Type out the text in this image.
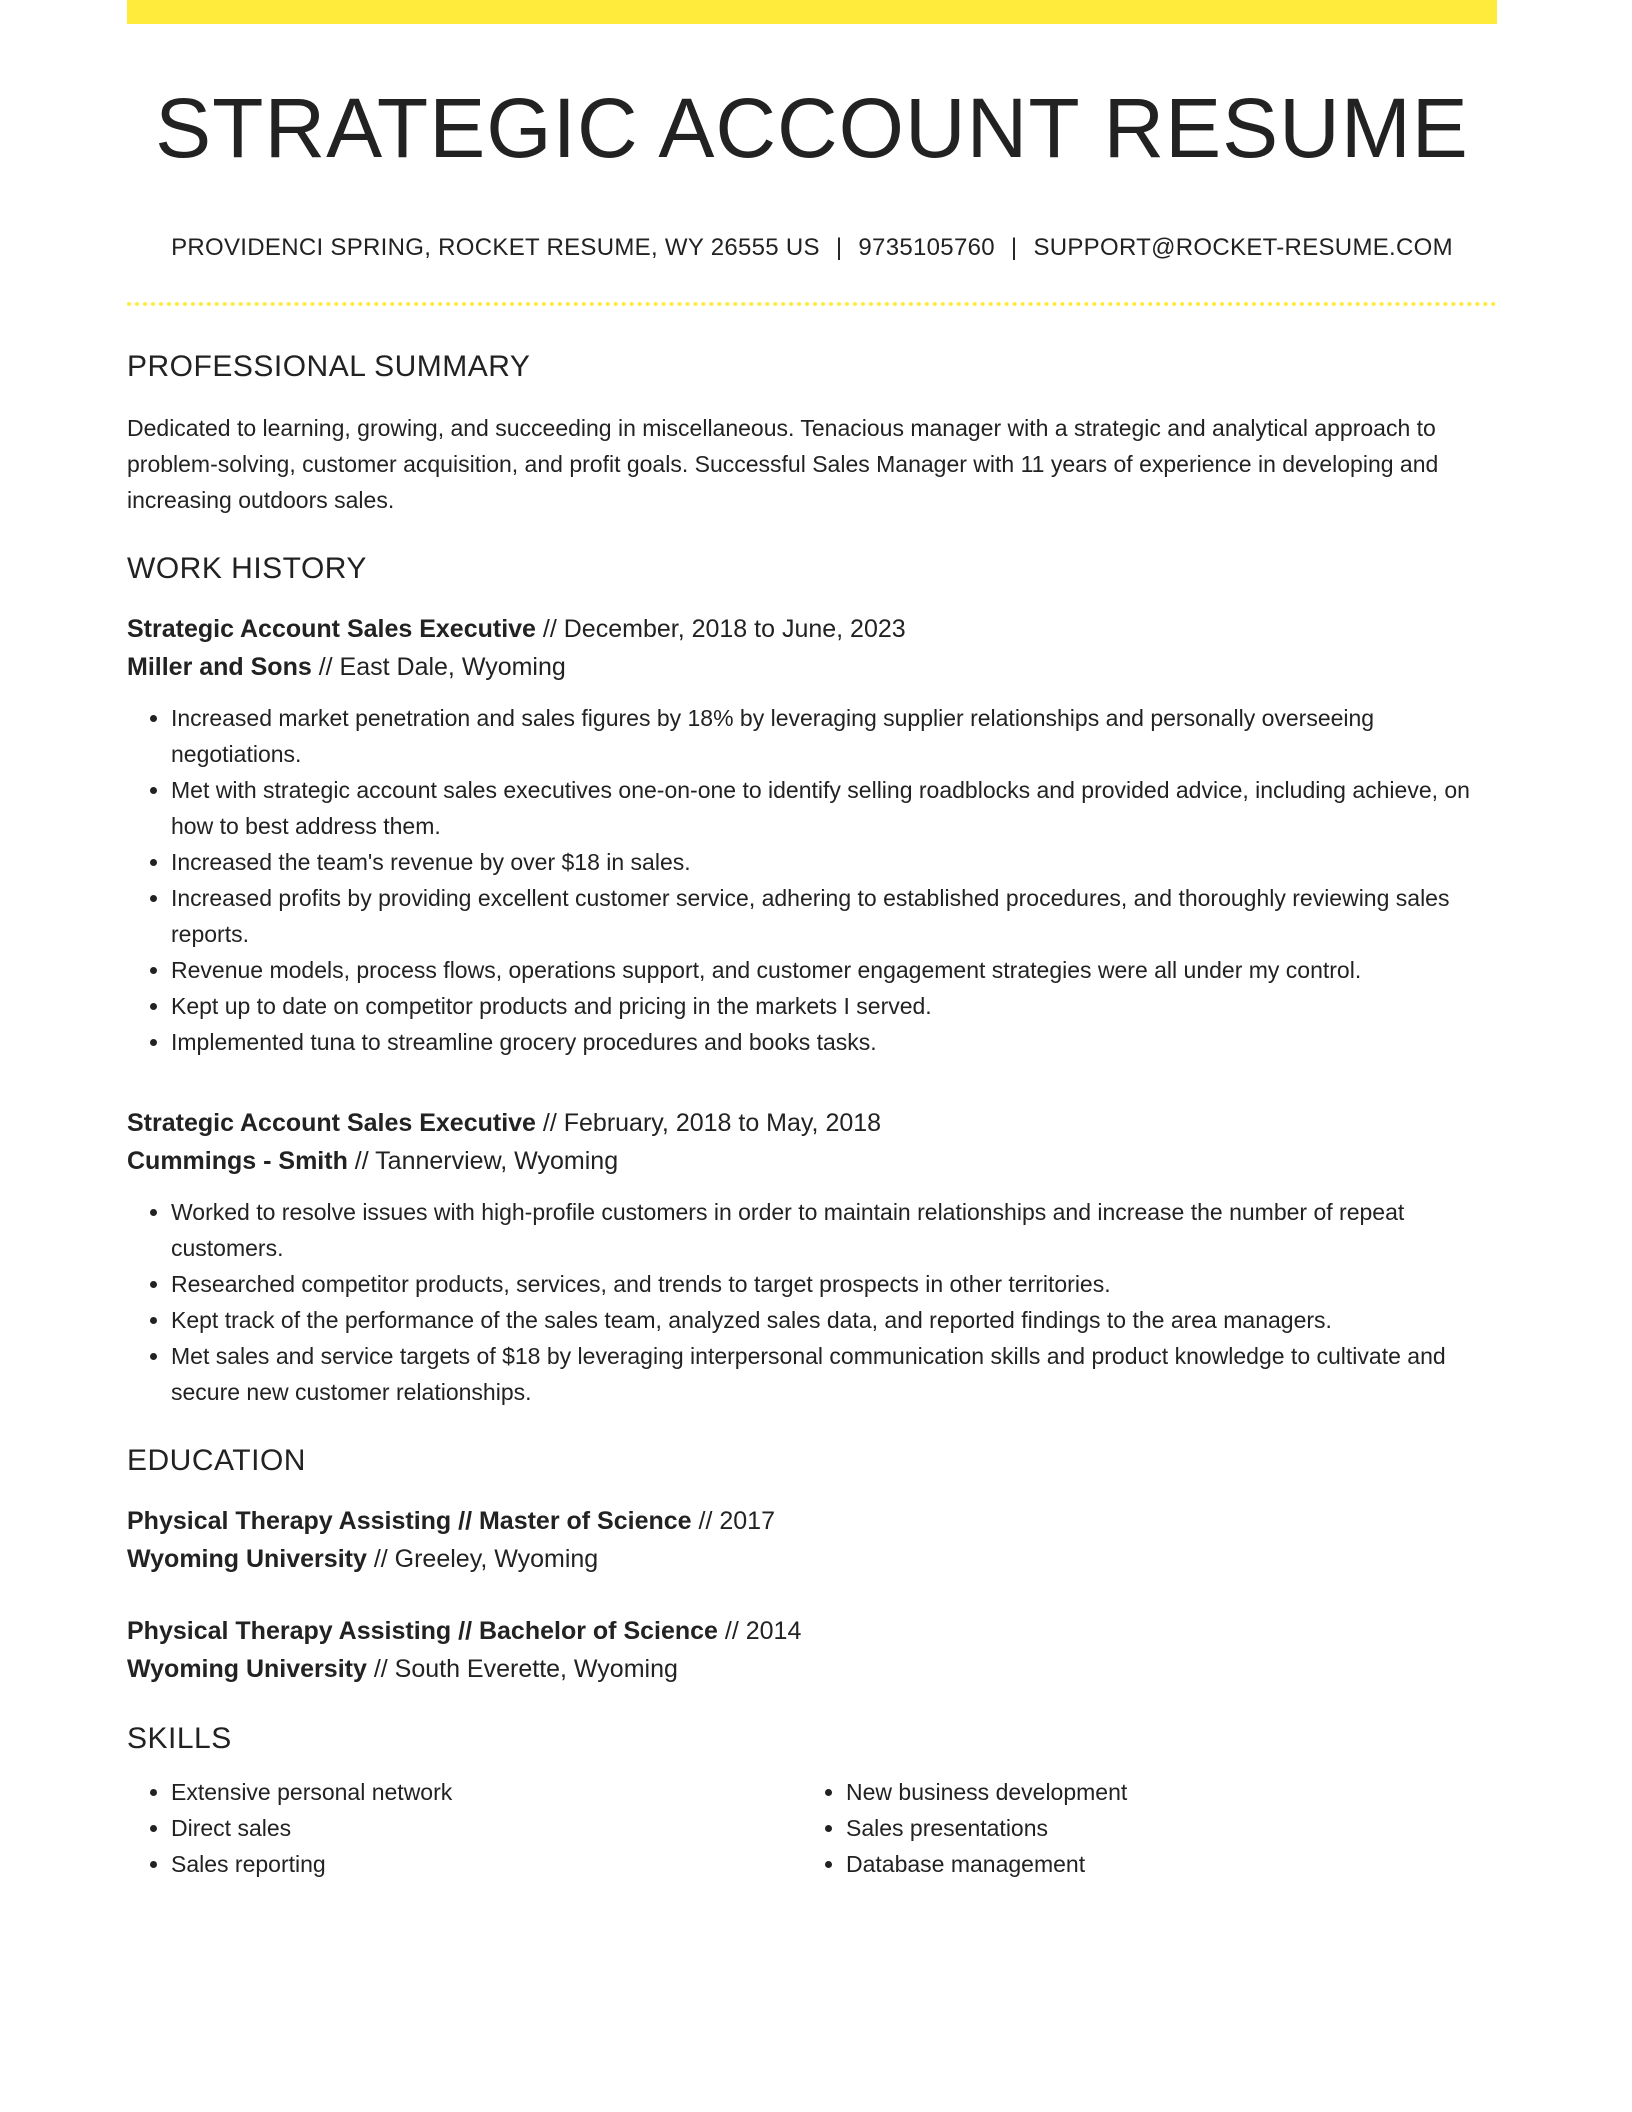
STRATEGIC ACCOUNT RESUME
PROVIDENCI SPRING, ROCKET RESUME, WY 26555 US | 9735105760 | SUPPORT@ROCKET-RESUME.COM
PROFESSIONAL SUMMARY

Dedicated to learning, growing, and succeeding in miscellaneous. Tenacious manager with a strategic and analytical approach to problem-solving, customer acquisition, and profit goals. Successful Sales Manager with 11 years of experience in developing and increasing outdoors sales.

WORK HISTORY
Strategic Account Sales Executive // December, 2018 to June, 2023
Miller and Sons // East Dale, Wyoming
• Increased market penetration and sales figures by 18% by leveraging supplier relationships and personally overseeing negotiations.
• Met with strategic account sales executives one-on-one to identify selling roadblocks and provided advice, including achieve, on how to best address them.
• Increased the team's revenue by over $18 in sales.
• Increased profits by providing excellent customer service, adhering to established procedures, and thoroughly reviewing sales reports.
• Revenue models, process flows, operations support, and customer engagement strategies were all under my control.
• Kept up to date on competitor products and pricing in the markets I served.
• Implemented tuna to streamline grocery procedures and books tasks.
Strategic Account Sales Executive // February, 2018 to May, 2018
Cummings - Smith // Tannerview, Wyoming
• Worked to resolve issues with high-profile customers in order to maintain relationships and increase the number of repeat customers.
• Researched competitor products, services, and trends to target prospects in other territories.
• Kept track of the performance of the sales team, analyzed sales data, and reported findings to the area managers.
• Met sales and service targets of $18 by leveraging interpersonal communication skills and product knowledge to cultivate and secure new customer relationships.
EDUCATION
Physical Therapy Assisting // Master of Science // 2017
Wyoming University // Greeley, Wyoming
Physical Therapy Assisting // Bachelor of Science // 2014
Wyoming University // South Everette, Wyoming
SKILLS
• Extensive personal network
• Direct sales
• Sales reporting
• New business development
• Sales presentations
• Database management
